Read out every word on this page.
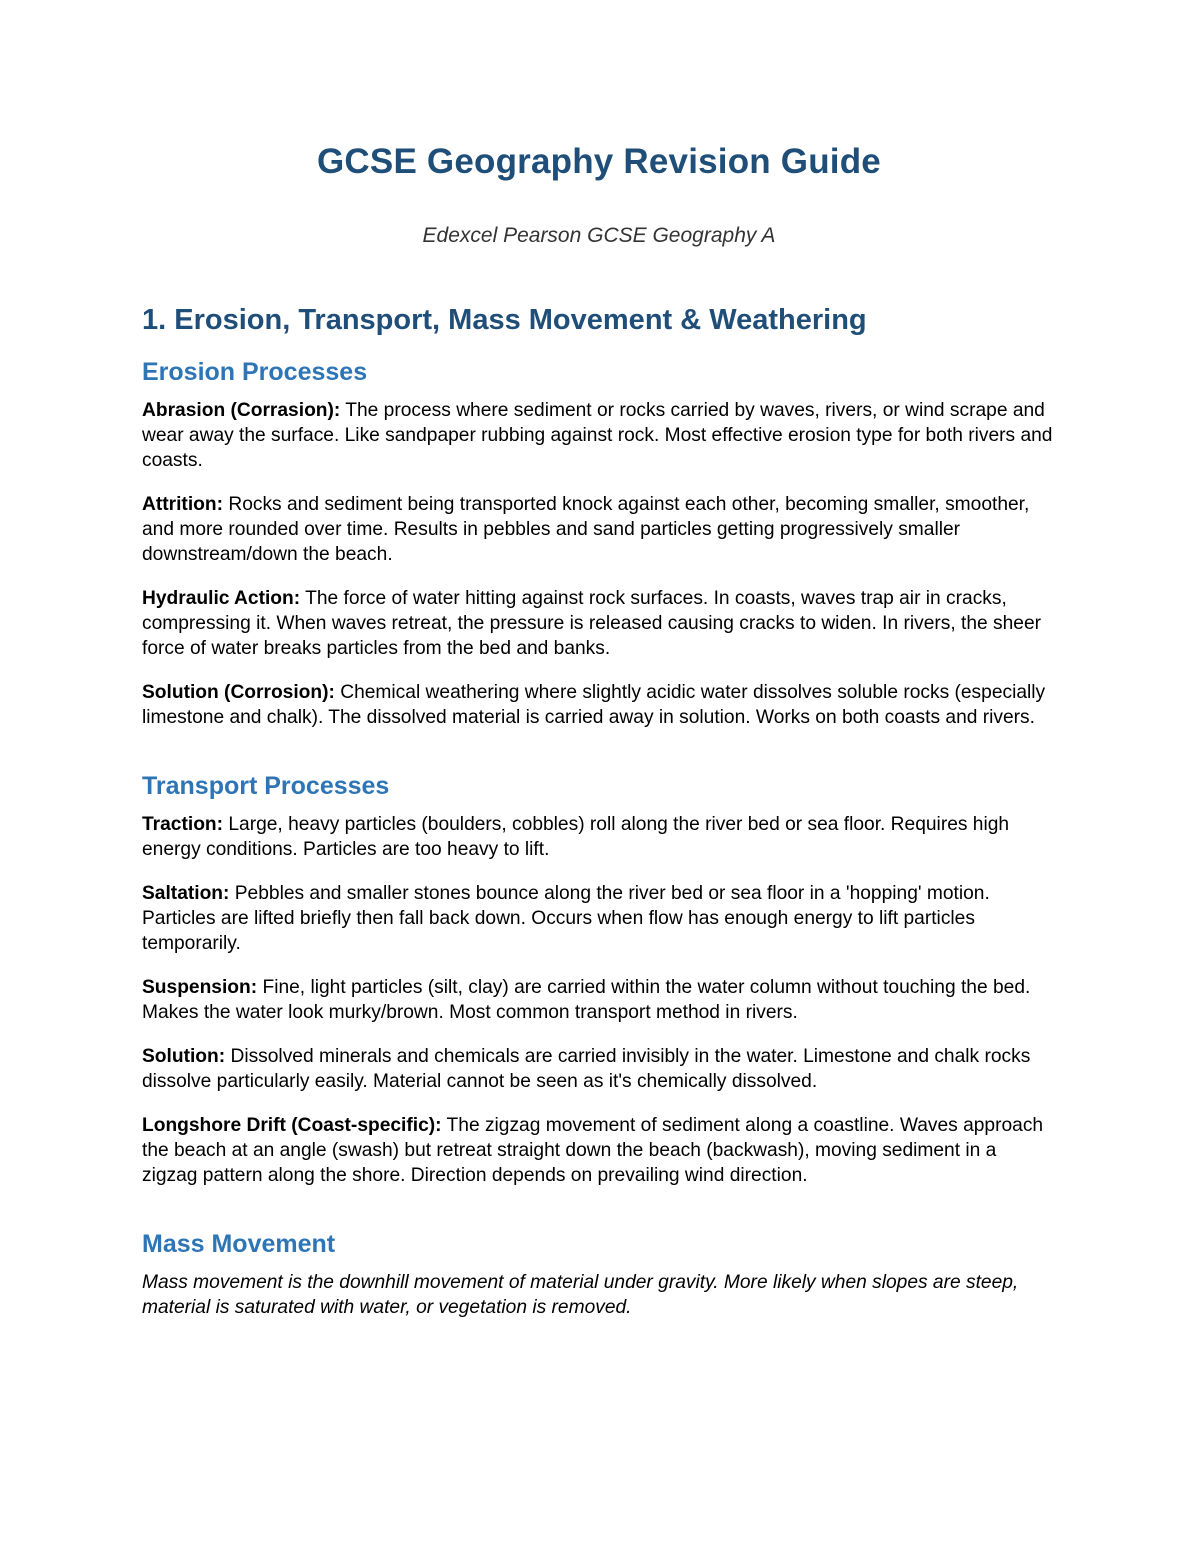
GCSE Geography Revision Guide

Edexcel Pearson GCSE Geography A

1. Erosion, Transport, Mass Movement & Weathering
Erosion Processes

Abrasion (Corrasion): The process where sediment or rocks carried by waves, rivers, or wind scrape and wear away the surface. Like sandpaper rubbing against rock. Most effective erosion type for both rivers and coasts.

Attrition: Rocks and sediment being transported knock against each other, becoming smaller, smoother, and more rounded over time. Results in pebbles and sand particles getting progressively smaller downstream/down the beach.

Hydraulic Action: The force of water hitting against rock surfaces. In coasts, waves trap air in cracks, compressing it. When waves retreat, the pressure is released causing cracks to widen. In rivers, the sheer force of water breaks particles from the bed and banks.

Solution (Corrosion): Chemical weathering where slightly acidic water dissolves soluble rocks (especially limestone and chalk). The dissolved material is carried away in solution. Works on both coasts and rivers.

Transport Processes

Traction: Large, heavy particles (boulders, cobbles) roll along the river bed or sea floor. Requires high energy conditions. Particles are too heavy to lift.

Saltation: Pebbles and smaller stones bounce along the river bed or sea floor in a 'hopping' motion. Particles are lifted briefly then fall back down. Occurs when flow has enough energy to lift particles temporarily.

Suspension: Fine, light particles (silt, clay) are carried within the water column without touching the bed. Makes the water look murky/brown. Most common transport method in rivers.

Solution: Dissolved minerals and chemicals are carried invisibly in the water. Limestone and chalk rocks dissolve particularly easily. Material cannot be seen as it's chemically dissolved.

Longshore Drift (Coast-specific): The zigzag movement of sediment along a coastline. Waves approach the beach at an angle (swash) but retreat straight down the beach (backwash), moving sediment in a zigzag pattern along the shore. Direction depends on prevailing wind direction.

Mass Movement

Mass movement is the downhill movement of material under gravity. More likely when slopes are steep, material is saturated with water, or vegetation is removed.
